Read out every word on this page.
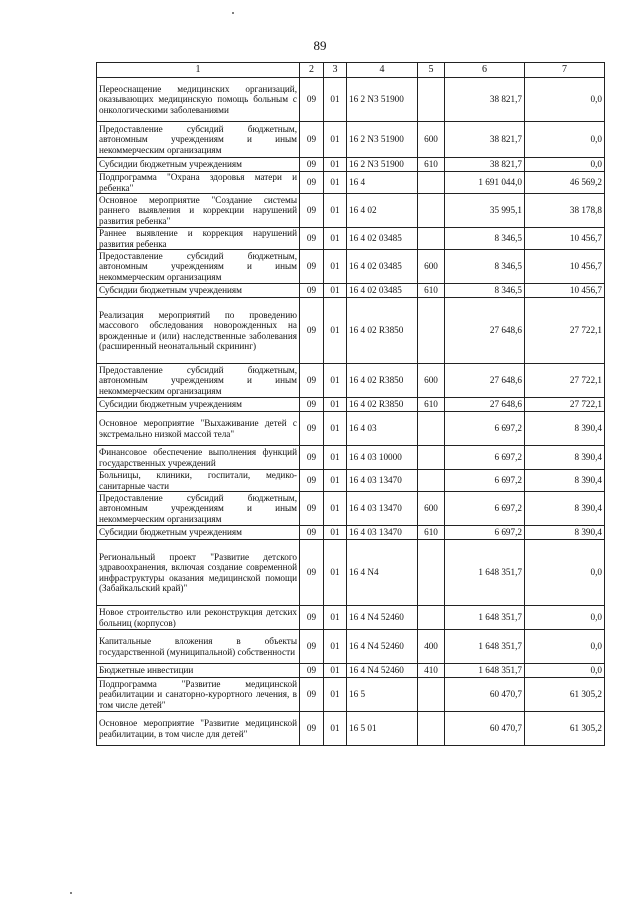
89
1	2	3	4	5	6	7
Переоснащение медицинских организаций, оказывающих медицинскую помощь больным с онкологическими заболеваниями	09	01	16 2 N3 51900		38 821,7	0,0
Предоставление субсидий бюджетным, автономным учреждениям и иным некоммерческим организациям	09	01	16 2 N3 51900	600	38 821,7	0,0
Субсидии бюджетным учреждениям	09	01	16 2 N3 51900	610	38 821,7	0,0
Подпрограмма "Охрана здоровья матери и ребенка"	09	01	16 4		1 691 044,0	46 569,2
Основное мероприятие "Создание системы раннего выявления и коррекции нарушений развития ребенка"	09	01	16 4 02		35 995,1	38 178,8
Раннее выявление и коррекция нарушений развития ребенка	09	01	16 4 02 03485		8 346,5	10 456,7
Предоставление субсидий бюджетным, автономным учреждениям и иным некоммерческим организациям	09	01	16 4 02 03485	600	8 346,5	10 456,7
Субсидии бюджетным учреждениям	09	01	16 4 02 03485	610	8 346,5	10 456,7
Реализация мероприятий по проведению массового обследования новорожденных на врожденные и (или) наследственные заболевания (расширенный неонатальный скрининг)	09	01	16 4 02 R3850		27 648,6	27 722,1
Предоставление субсидий бюджетным, автономным учреждениям и иным некоммерческим организациям	09	01	16 4 02 R3850	600	27 648,6	27 722,1
Субсидии бюджетным учреждениям	09	01	16 4 02 R3850	610	27 648,6	27 722,1
Основное мероприятие "Выхаживание детей с экстремально низкой массой тела"	09	01	16 4 03		6 697,2	8 390,4
Финансовое обеспечение выполнения функций государственных учреждений	09	01	16 4 03 10000		6 697,2	8 390,4
Больницы, клиники, госпитали, медико-санитарные части	09	01	16 4 03 13470		6 697,2	8 390,4
Предоставление субсидий бюджетным, автономным учреждениям и иным некоммерческим организациям	09	01	16 4 03 13470	600	6 697,2	8 390,4
Субсидии бюджетным учреждениям	09	01	16 4 03 13470	610	6 697,2	8 390,4
Региональный проект "Развитие детского здравоохранения, включая создание современной инфраструктуры оказания медицинской помощи (Забайкальский край)"	09	01	16 4 N4		1 648 351,7	0,0
Новое строительство или реконструкция детских больниц (корпусов)	09	01	16 4 N4 52460		1 648 351,7	0,0
Капитальные вложения в объекты государственной (муниципальной) собственности	09	01	16 4 N4 52460	400	1 648 351,7	0,0
Бюджетные инвестиции	09	01	16 4 N4 52460	410	1 648 351,7	0,0
Подпрограмма "Развитие медицинской реабилитации и санаторно-курортного лечения, в том числе детей"	09	01	16 5		60 470,7	61 305,2
Основное мероприятие "Развитие медицинской реабилитации, в том числе для детей"	09	01	16 5 01		60 470,7	61 305,2
